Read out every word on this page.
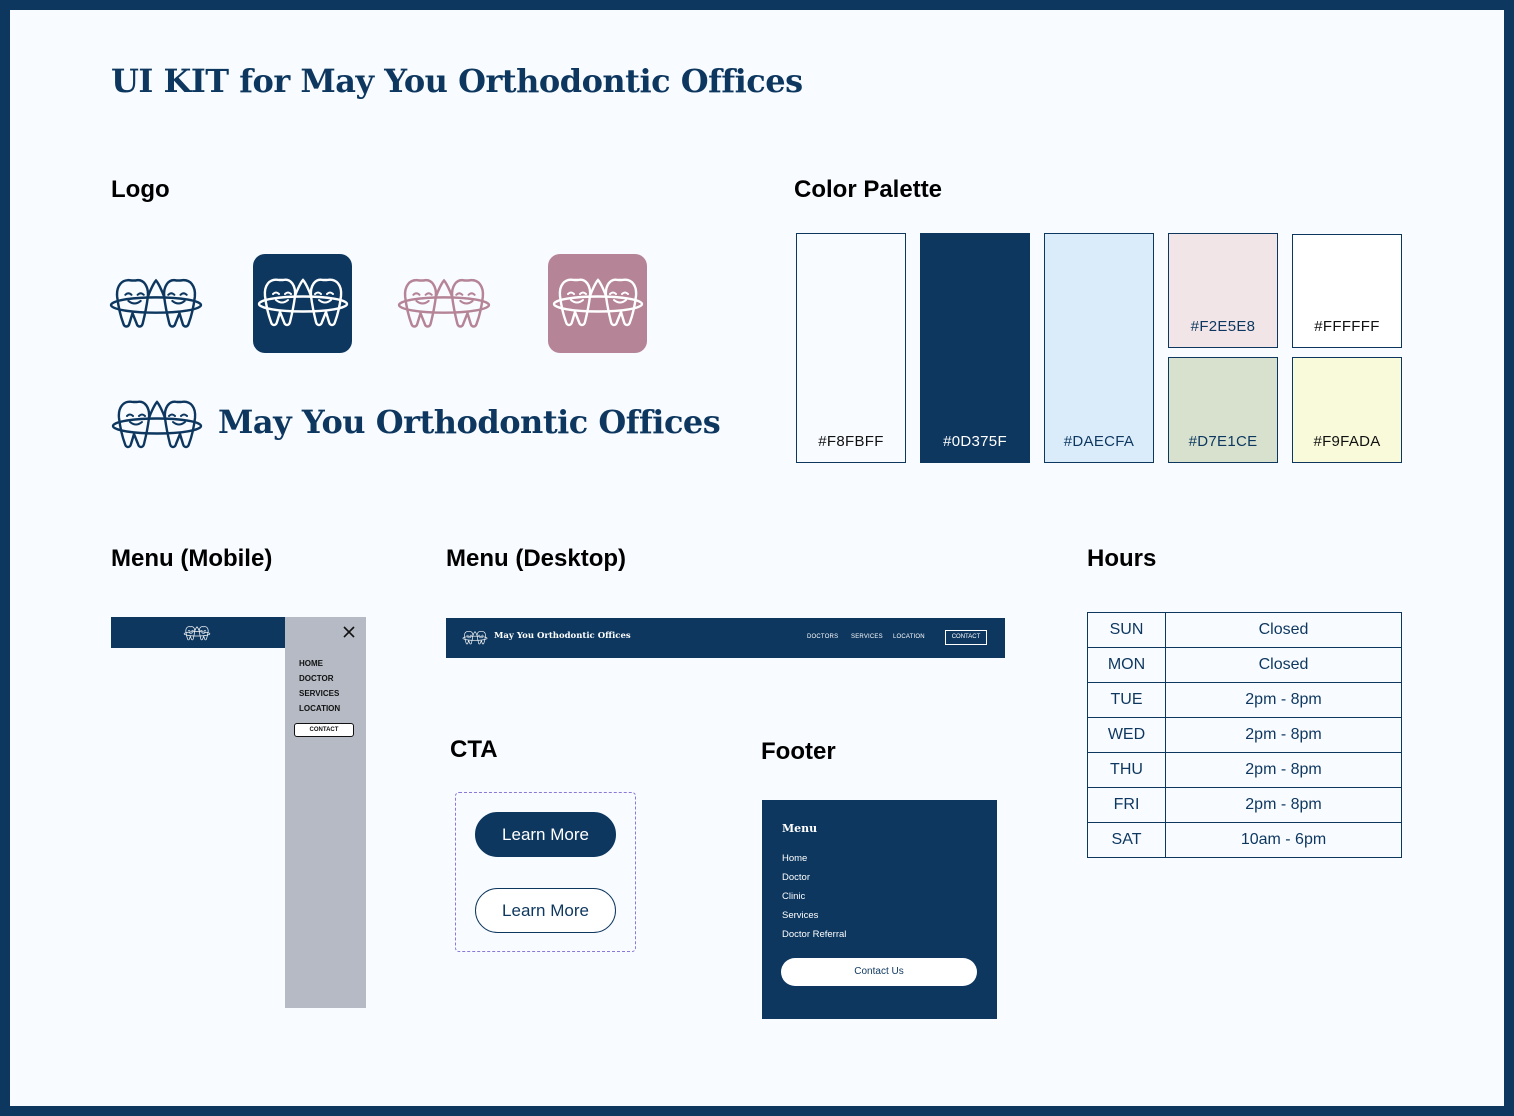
UI KIT for May You Orthodontic Offices
Logo
May You Orthodontic Offices
Color Palette
#F8FBFF	#0D375F	#DAECFA
#F2E5E8	#FFFFFF
#D7E1CE	#F9FADA
Menu (Mobile)
HOME
DOCTOR
SERVICES
LOCATION
CONTACT
Menu (Desktop)
May You Orthodontic Offices	DOCTORS SERVICES LOCATION	CONTACT
CTA
Learn More
Learn More
Footer
Menu
Home
Doctor
Clinic
Services
Doctor Referral
Contact Us
Hours
SUN	Closed
MON	Closed
TUE	2pm - 8pm
WED	2pm - 8pm
THU	2pm - 8pm
FRI	2pm - 8pm
SAT	10am - 6pm
